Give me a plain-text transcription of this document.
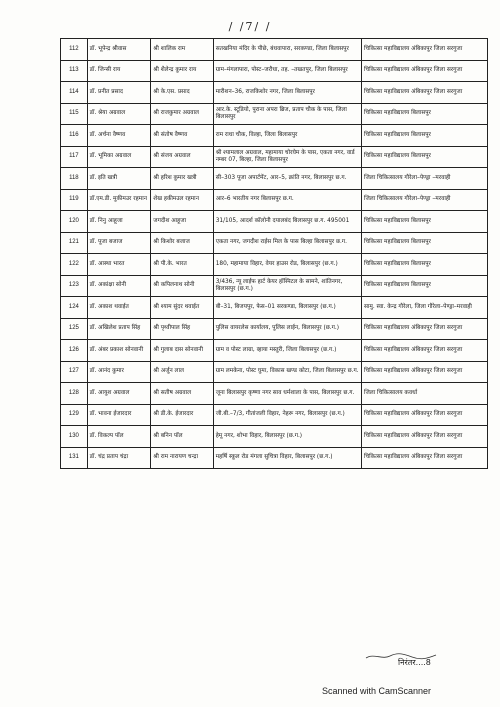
/ /7/ /
112	डॉ. भूपेन्द्र श्रीवास	श्री शालिक राम	सतखनिया मंदिर के पीछे, बंधवापारा, सरकण्डा, जिला बिलासपुर	चिकित्सा महाविद्यालय अंबिकापुर जिला सरगुजा
113	डॉ. जिन्सी राय	श्री शैलेन्द्र कुमार राय	ग्राम–मंगलापारा, पोस्ट–जरौधा, तह. –तखतपुर, जिला बिलासपुर	चिकित्सा महाविद्यालय अंबिकापुर जिला सरगुजा
114	डॉ. प्रनीत प्रसाद	श्री के.एस. प्रसाद	मारीशन–36, राजकिशोर नगर, जिला बिलासपुर	चिकित्सा महाविद्यालय अंबिकापुर जिला सरगुजा
115	डॉ. श्रेया अग्रवाल	श्री राजकुमार अग्रवाल	आर.के. स्टूडियो, पुराना अपरा ब्रिज, प्रताप चौक के पास, जिला बिलासपुर	चिकित्सा महाविद्यालय बिलासपुर
116	डॉ. अर्चना वैष्णव	श्री संतोष वैष्णव	राम राधा चौक, विल्हा, जिला बिलासपुर	चिकित्सा महाविद्यालय बिलासपुर
117	डॉ. भूमिका अग्रवाल	श्री संजय अग्रवाल	श्री श्यामलाल अग्रवाल, महामाया चोरघेम के पास, एकता नगर, वार्ड नम्बर 07, बिल्हा, जिला बिलासपुर	चिकित्सा महाविद्यालय बिलासपुर
118	डॉ. इति खत्री	श्री हरिश कुमार खत्री	सी–303 पूजा अपार्टमेंट, आर–5, क्रांति नगर, बिलासपुर छ.ग.	जिला चिकित्सालय गौरेला–पेण्ड्रा –मरवाही
119	डॉ.एम.डी. मुकीमउर रहमान	शेख हकीमउल रहमान	आर–6 भारतीय नगर बिलासपुर छ.ग.	जिला चिकित्सालय गौरेला–पेण्ड्रा –मरवाही
120	डॉ. निनु आहूजा	जगदीश आहूजा	31/105, आदर्श कॉलोनी दयालबंद बिलासपुर छ.ग. 495001	चिकित्सा महाविद्यालय बिलासपुर
121	डॉ. पूजा बजाज	श्री किशोर बजाज	एकता नगर, जगदीश राईस मिल के पास बिल्हा बिलासपुर छ.ग.	चिकित्सा महाविद्यालय बिलासपुर
122	डॉ. आस्था भारत	श्री पी.के. भारत	180, महामाया विहार, वेयर हाउस रोड, बिलासपुर (छ.ग.)	चिकित्सा महाविद्यालय बिलासपुर
123	डॉ. अकांक्षा सोनी	श्री कपिलनाथ सोनी	3/436, न्यू लाईफ हार्ट केयर हॉस्पिटल के सामने, शांतिनगर, बिलासपुर (छ.ग.)	चिकित्सा महाविद्यालय बिलासपुर
124	डॉ. अकाश थवाईत	श्री श्याम सुंदर थवाईत	बी–31, बिजयपुर, फेस–01 सरकण्डा, बिलासपुर (छ.ग.)	सामु. स्वा. केन्द्र गौरेला, जिला गौरेला–पेण्ड्रा–मरवाही
125	डॉ. अखिलेश प्रताप सिंह	श्री पृथ्वीपाल सिंह	पुलिस वायरलेस कार्यालय, पुलिस लाईन, बिलासपुर (छ.ग.)	चिकित्सा महाविद्यालय अंबिकापुर जिला सरगुजा
126	डॉ. अंबर प्रकाश सोनवानी	श्री गुलाब दास सोनवानी	ग्राम व पोस्ट लाग्रा, व्हाया मस्तुरी, जिला बिलासपुर (छ.ग.)	चिकित्सा महाविद्यालय अंबिकापुर जिला सरगुजा
127	डॉ. आनंद कुमार	श्री अर्जुन लाल	ग्राम लमकेना, पोस्ट घुमा, विकास खण्ड कोटा, जिला बिलासपुर छ.ग.	चिकित्सा महाविद्यालय अंबिकापुर जिला सरगुजा
128	डॉ. आयुश अग्रवाल	श्री सतीष अग्रवाल	जूना बिलासपुर कृष्णा नगर साव धर्मशाला के पास, बिलासपुर छ.ग.	जिला चिकित्सालय कवर्धा
129	डॉ. भावना ईजारदार	श्री डी.के. ईजारदार	जी.बी.–7/3, गीतांजली विहार, नेहरू नगर, बिलासपुर (छ.ग.)	चिकित्सा महाविद्यालय अंबिकापुर जिला सरगुजा
130	डॉ. विकल्प पॉल	श्री बनिन पॉल	हेमू नगर, शोभा विहार, बिलासपुर (छ.ग.)	चिकित्सा महाविद्यालय अंबिकापुर जिला सरगुजा
131	डॉ. चंद्र प्रताप चंद्रा	श्री राम नारायण चन्द्रा	महर्षि स्कूल रोड मंगला सुचित्रा विहार, बिलासपुर (छ.ग.)	चिकित्सा महाविद्यालय अंबिकापुर जिला सरगुजा
निरंतर....8
Scanned with CamScanner
